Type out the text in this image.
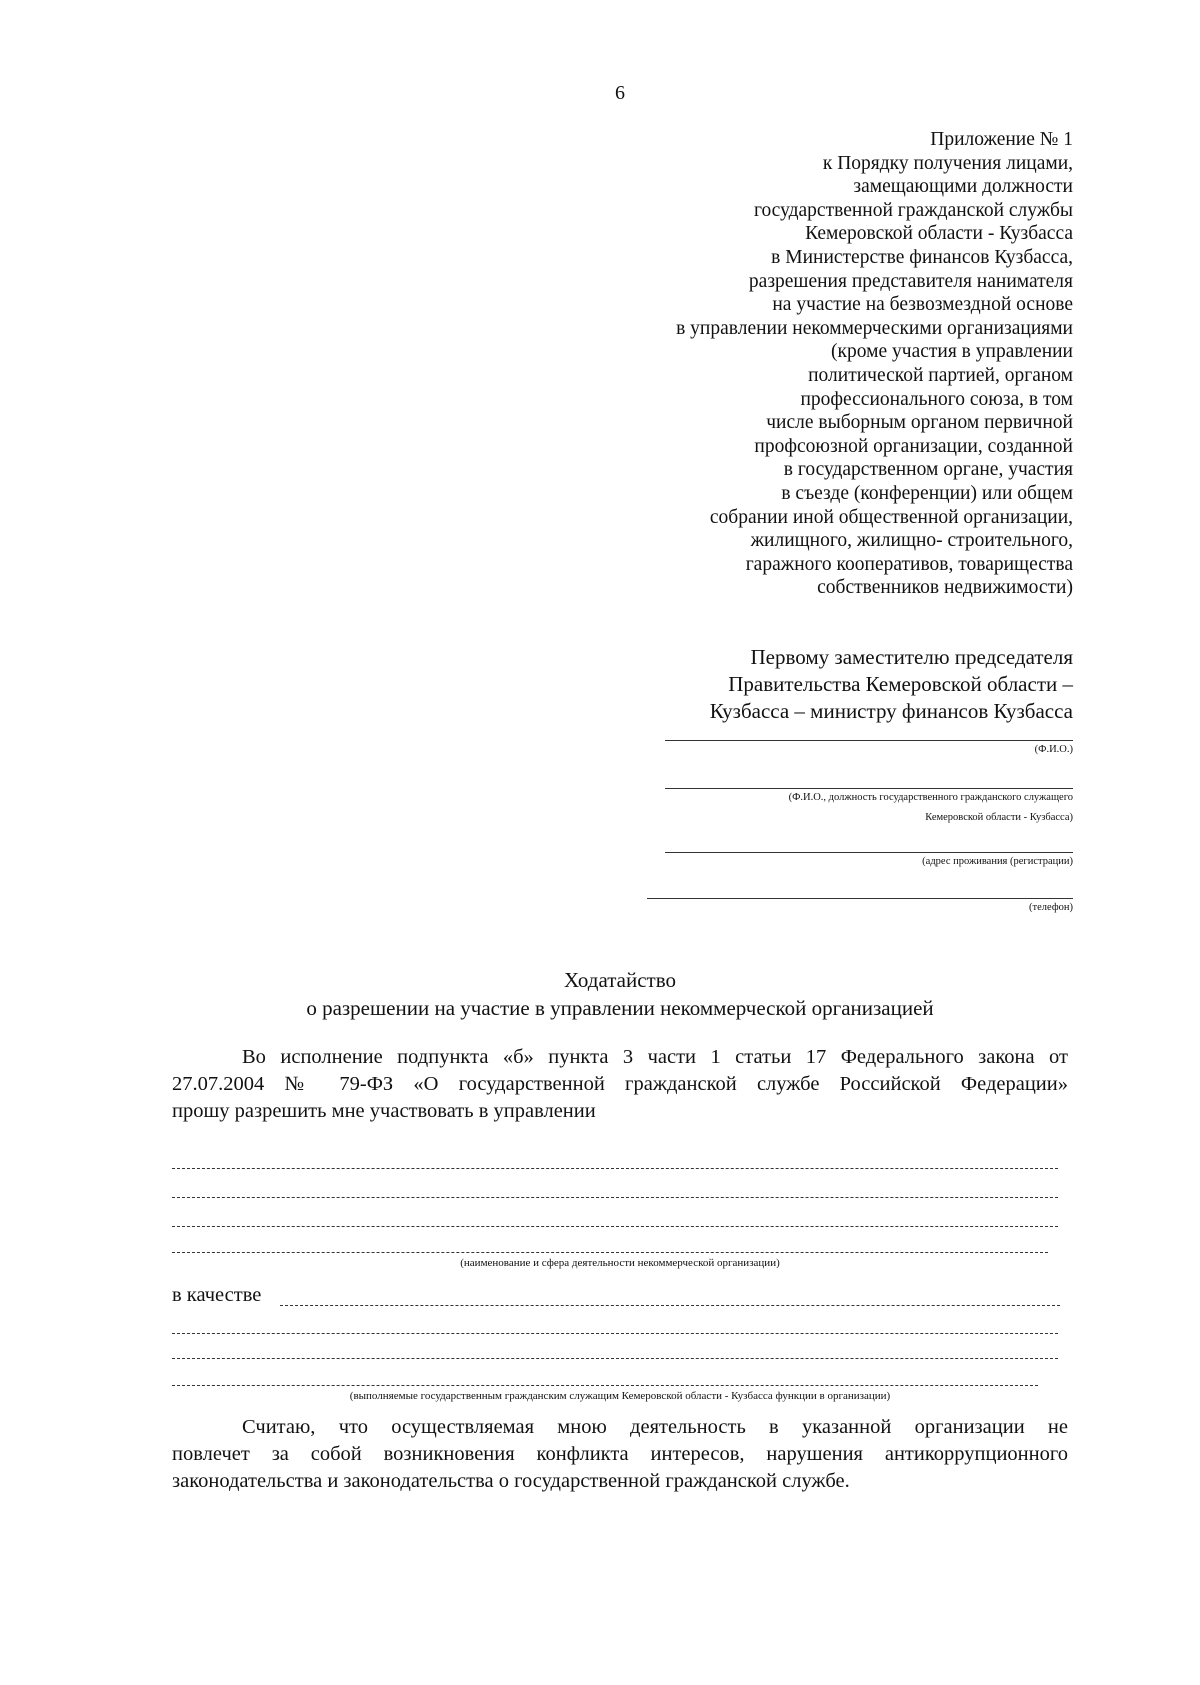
6
Приложение № 1
к Порядку получения лицами,
замещающими должности
государственной гражданской службы
Кемеровской области - Кузбасса
в Министерстве финансов Кузбасса,
разрешения представителя нанимателя
на участие на безвозмездной основе
в управлении некоммерческими организациями
(кроме участия в управлении
политической партией, органом
профессионального союза, в том
числе выборным органом первичной
профсоюзной организации, созданной
в государственном органе, участия
в съезде (конференции) или общем
собрании иной общественной организации,
жилищного, жилищно- строительного,
гаражного кооперативов, товарищества
собственников недвижимости)
Первому заместителю председателя
Правительства Кемеровской области –
Кузбасса – министру финансов Кузбасса
(Ф.И.О.)
(Ф.И.О., должность государственного гражданского служащего
Кемеровской области - Кузбасса)
(адрес проживания (регистрации)
(телефон)
Ходатайство
о разрешении на участие в управлении некоммерческой организацией
Во исполнение подпункта «б» пункта 3 части 1 статьи 17 Федерального закона от
27.07.2004 № 79-ФЗ «О государственной гражданской службе Российской Федерации»
прошу разрешить мне участвовать в управлении
(наименование и сфера деятельности некоммерческой организации)
в качестве
(выполняемые государственным гражданским служащим Кемеровской области - Кузбасса функции в организации)
Считаю, что осуществляемая мною деятельность в указанной организации не
повлечет за собой возникновения конфликта интересов, нарушения антикоррупционного
законодательства и законодательства о государственной гражданской службе.
